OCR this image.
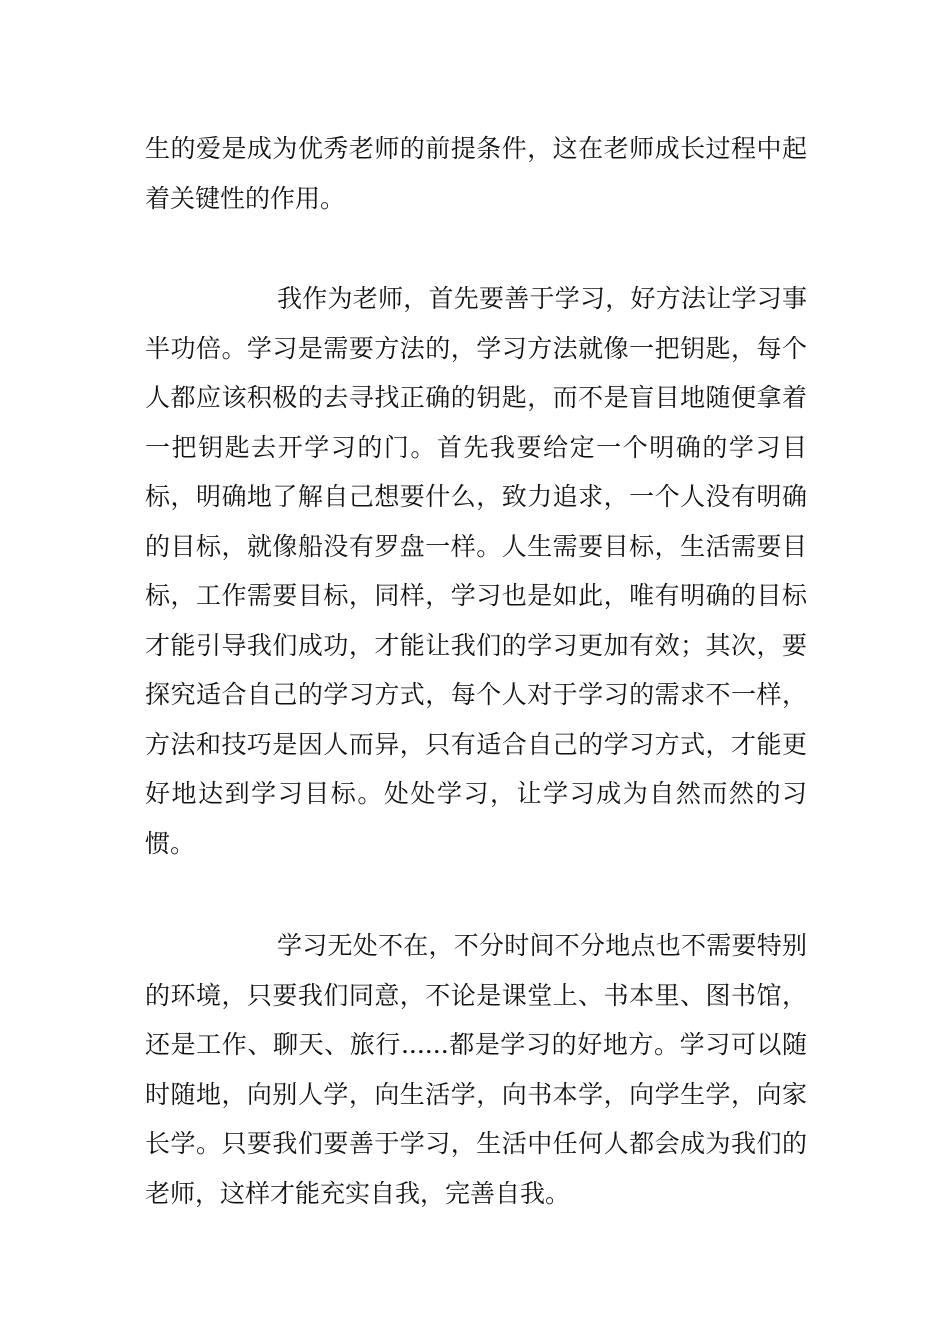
生的爱是成为优秀老师的前提条件，这在老师成长过程中起着关键性的作用。

我作为老师，首先要善于学习，好方法让学习事半功倍。学习是需要方法的，学习方法就像一把钥匙，每个人都应该积极的去寻找正确的钥匙，而不是盲目地随便拿着一把钥匙去开学习的门。首先我要给定一个明确的学习目标，明确地了解自己想要什么，致力追求，一个人没有明确的目标，就像船没有罗盘一样。人生需要目标，生活需要目标，工作需要目标，同样，学习也是如此，唯有明确的目标才能引导我们成功，才能让我们的学习更加有效；其次，要探究适合自己的学习方式，每个人对于学习的需求不一样，方法和技巧是因人而异，只有适合自己的学习方式，才能更好地达到学习目标。处处学习，让学习成为自然而然的习惯。

学习无处不在，不分时间不分地点也不需要特别的环境，只要我们同意，不论是课堂上、书本里、图书馆，还是工作、聊天、旅行......都是学习的好地方。学习可以随时随地，向别人学，向生活学，向书本学，向学生学，向家长学。只要我们要善于学习，生活中任何人都会成为我们的老师，这样才能充实自我，完善自我。
